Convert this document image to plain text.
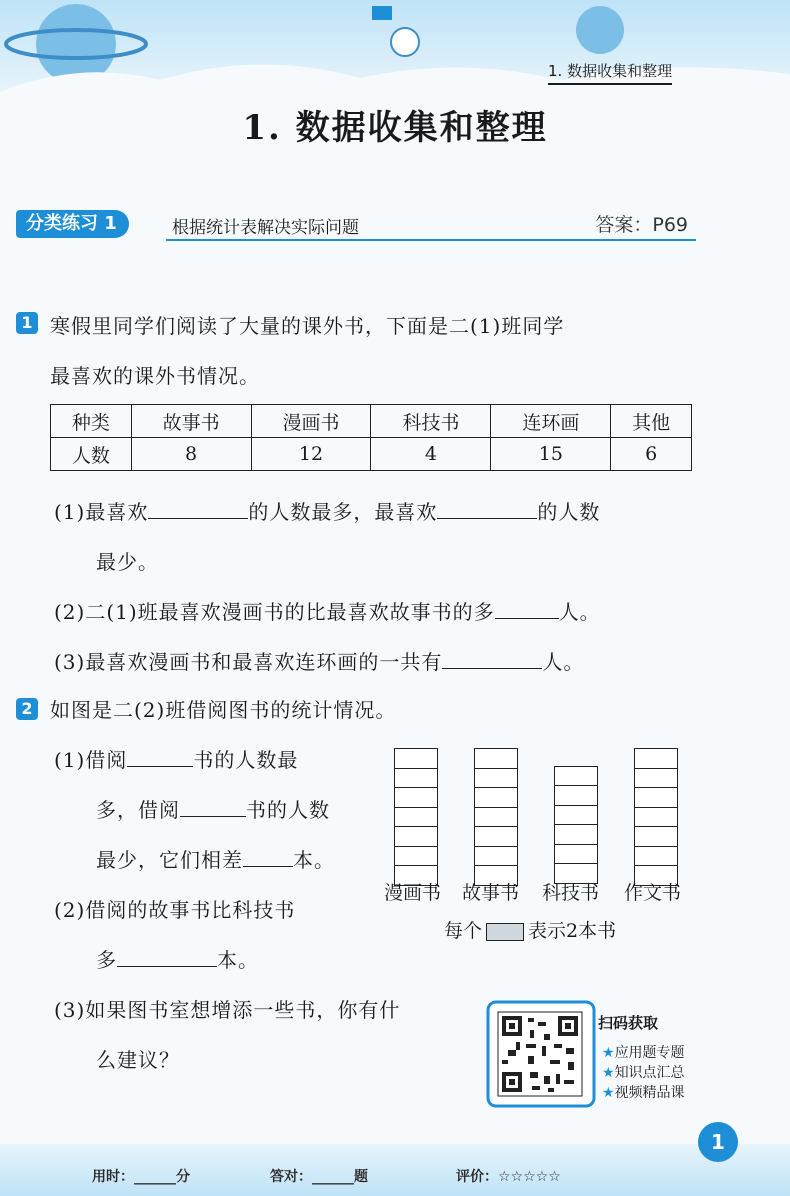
1. 数据收集和整理
1. 数据收集和整理
分类练习 1	根据统计表解决实际问题	答案：P69
1 寒假里同学们阅读了大量的课外书，下面是二(1)班同学
最喜欢的课外书情况。
种类	故事书	漫画书	科技书	连环画	其他
人数	8	12	4	15	6
(1)最喜欢	的人数最多，最喜欢	的人数
最少。
(2)二(1)班最喜欢漫画书的比最喜欢故事书的多	人。
(3)最喜欢漫画书和最喜欢连环画的一共有	人。
2 如图是二(2)班借阅图书的统计情况。
(1)借阅	书的人数最
多，借阅	书的人数
最少，它们相差	本。
(2)借阅的故事书比科技书
多	本。
(3)如果图书室想增添一些书，你有什
么建议？
漫画书 故事书 科技书 作文书
每个 表示2本书
扫码获取
★应用题专题
★知识点汇总
★视频精品课
用时：______分	答对：______题	评价：☆☆☆☆☆
1
